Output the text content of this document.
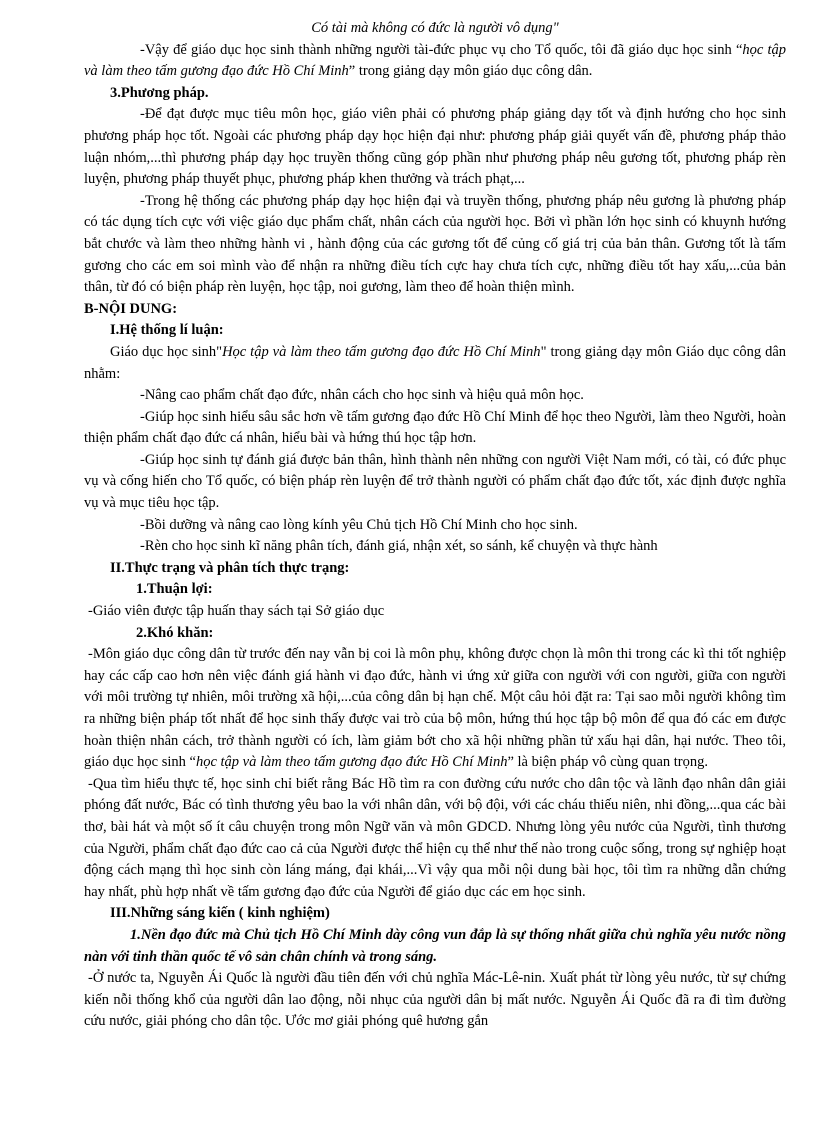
Có tài mà không có đức là người vô dụng"

-Vậy để giáo dục học sinh thành những người tài-đức phục vụ cho Tổ quốc, tôi đã giáo dục học sinh “học tập và làm theo tấm gương đạo đức Hồ Chí Minh” trong giảng dạy môn giáo dục công dân.

3.Phương pháp.

-Để đạt được mục tiêu môn học, giáo viên phải có phương pháp giảng dạy tốt và định hướng cho học sinh phương pháp học tốt. Ngoài các phương pháp dạy học hiện đại như: phương pháp giải quyết vấn đề, phương pháp thảo luận nhóm,...thì phương pháp dạy học truyền thống cũng góp phần như phương pháp nêu gương tốt, phương pháp rèn luyện, phương pháp thuyết phục, phương pháp khen thưởng và trách phạt,...

-Trong hệ thống các phương pháp dạy học hiện đại và truyền thống, phương pháp nêu gương là phương pháp có tác dụng tích cực với việc giáo dục phẩm chất, nhân cách của người học. Bởi vì phần lớn học sinh có khuynh hướng bắt chước và làm theo những hành vi , hành động của các gương tốt để củng cố giá trị của bản thân. Gương tốt là tấm gương cho các em soi mình vào để nhận ra những điều tích cực hay chưa tích cực, những điều tốt hay xấu,...của bản thân, từ đó có biện pháp rèn luyện, học tập, noi gương, làm theo để hoàn thiện mình.

B-NỘI DUNG:

I.Hệ thống lí luận:

Giáo dục học sinh"Học tập và làm theo tấm gương đạo đức Hồ Chí Minh" trong giảng dạy môn Giáo dục công dân nhằm:

-Nâng cao phẩm chất đạo đức, nhân cách cho học sinh và hiệu quả môn học.

-Giúp học sinh hiểu sâu sắc hơn về tấm gương đạo đức Hồ Chí Minh để học theo Người, làm theo Người, hoàn thiện phẩm chất đạo đức cá nhân, hiểu bài và hứng thú học tập hơn.

-Giúp học sinh tự đánh giá được bản thân, hình thành nên những con người Việt Nam mới, có tài, có đức phục vụ và cống hiến cho Tổ quốc, có biện pháp rèn luyện để trở thành người có phẩm chất đạo đức tốt, xác định được nghĩa vụ và mục tiêu học tập.

-Bồi dưỡng và nâng cao lòng kính yêu Chủ tịch Hồ Chí Minh cho học sinh.

-Rèn cho học sinh kĩ năng phân tích, đánh giá, nhận xét, so sánh, kể chuyện và thực hành

II.Thực trạng và phân tích thực trạng:

1.Thuận lợi:

-Giáo viên được tập huấn thay sách tại Sở giáo dục

2.Khó khăn:

-Môn giáo dục công dân từ trước đến nay vẫn bị coi là môn phụ, không được chọn là môn thi trong các kì thi tốt nghiệp hay các cấp cao hơn nên việc đánh giá hành vi đạo đức, hành vi ứng xử giữa con người với con người, giữa con người với môi trường tự nhiên, môi trường xã hội,...của công dân bị hạn chế. Một câu hỏi đặt ra: Tại sao mỗi người không tìm ra những biện pháp tốt nhất để học sinh thấy được vai trò của bộ môn, hứng thú học tập bộ môn để qua đó các em được hoàn thiện nhân cách, trở thành người có ích, làm giảm bớt cho xã hội những phần tử xấu hại dân, hại nước. Theo tôi, giáo dục học sinh “học tập và làm theo tấm gương đạo đức Hồ Chí Minh” là biện pháp vô cùng quan trọng.

-Qua tìm hiểu thực tế, học sinh chỉ biết rằng Bác Hồ tìm ra con đường cứu nước cho dân tộc và lãnh đạo nhân dân giải phóng đất nước, Bác có tình thương yêu bao la với nhân dân, với bộ đội, với các cháu thiếu niên, nhi đồng,...qua các bài thơ, bài hát và một số ít câu chuyện trong môn Ngữ văn và môn GDCD. Nhưng lòng yêu nước của Người, tình thương của Người, phẩm chất đạo đức cao cả của Người được thể hiện cụ thể như thế nào trong cuộc sống, trong sự nghiệp hoạt động cách mạng thì học sinh còn láng máng, đại khái,...Vì vậy qua mỗi nội dung bài học, tôi tìm ra những dẫn chứng hay nhất, phù hợp nhất về tấm gương đạo đức của Người để giáo dục các em học sinh.

III.Những sáng kiến ( kinh nghiệm)

1.Nền đạo đức mà Chủ tịch Hồ Chí Minh dày công vun đắp là sự thống nhất giữa chủ nghĩa yêu nước nồng nàn với tinh thần quốc tế vô sản chân chính và trong sáng.

-Ở nước ta, Nguyễn Ái Quốc là người đầu tiên đến với chủ nghĩa Mác-Lê-nin. Xuất phát từ lòng yêu nước, từ sự chứng kiến nỗi thống khổ của người dân lao động, nỗi nhục của người dân bị mất nước. Nguyễn Ái Quốc đã ra đi tìm đường cứu nước, giải phóng cho dân tộc. Ước mơ giải phóng quê hương gắn
